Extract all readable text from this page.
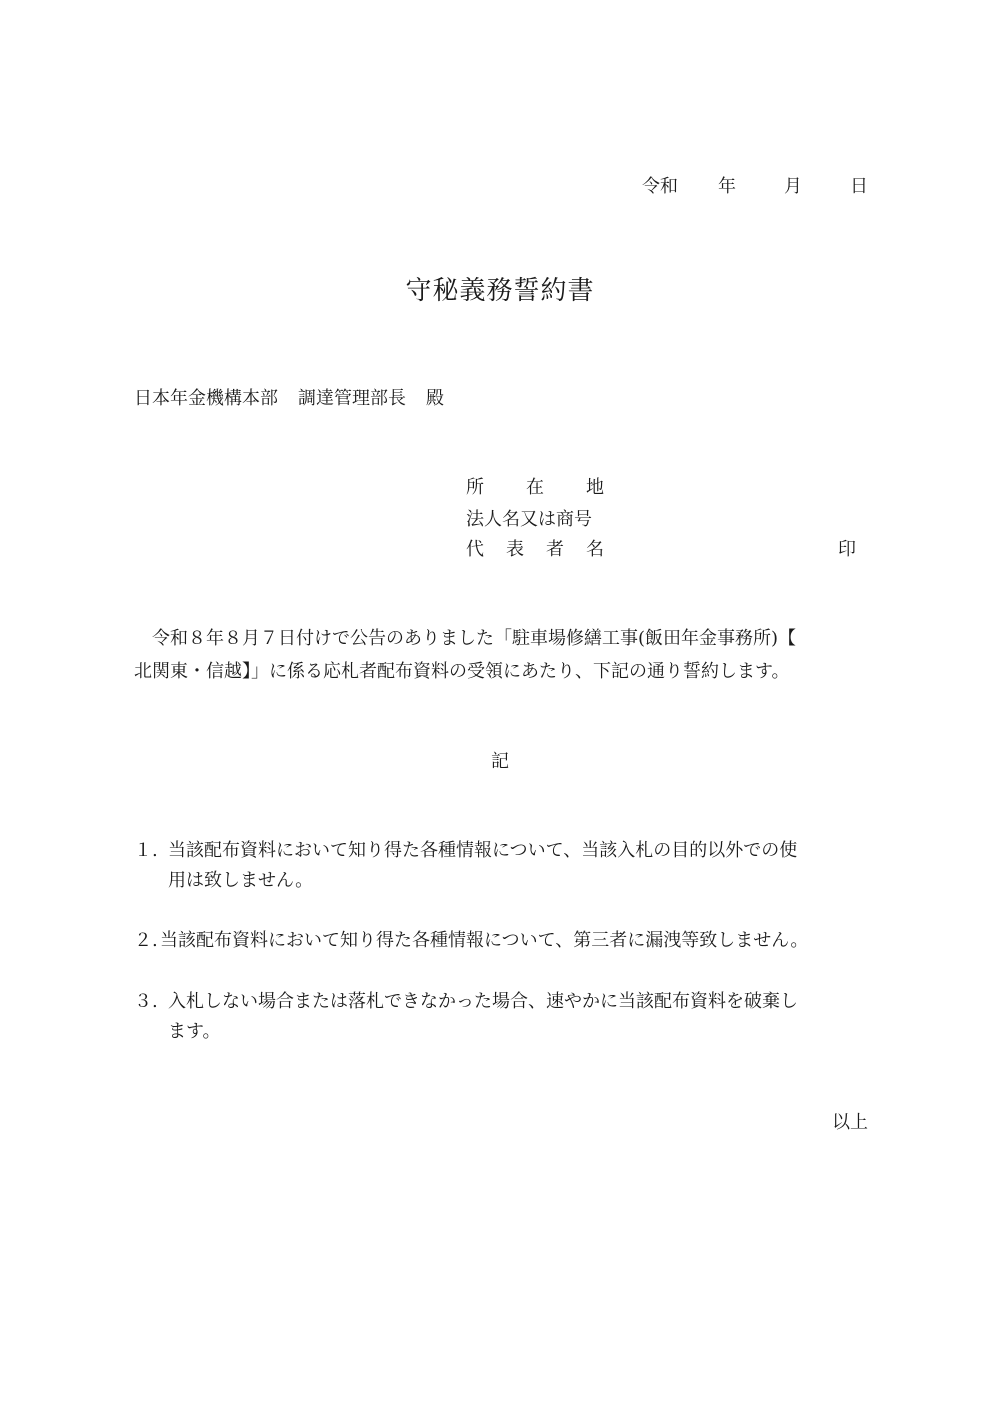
令和 年	月	日
守秘義務誓約書
日本年金機構本部 調達管理部長 殿
所在地
法人名又は商号
代表者名	印
令和８年８月７日付けで公告のありました「駐車場修繕工事(飯田年金事務所)【
北関東・信越】」に係る応札者配布資料の受領にあたり、下記の通り誓約します。
記
１. 当該配布資料において知り得た各種情報について、当該入札の目的以外での使
用は致しません。
２. 当該配布資料において知り得た各種情報について、第三者に漏洩等致しません。
３. 入札しない場合または落札できなかった場合、速やかに当該配布資料を破棄し
ます。
以上
